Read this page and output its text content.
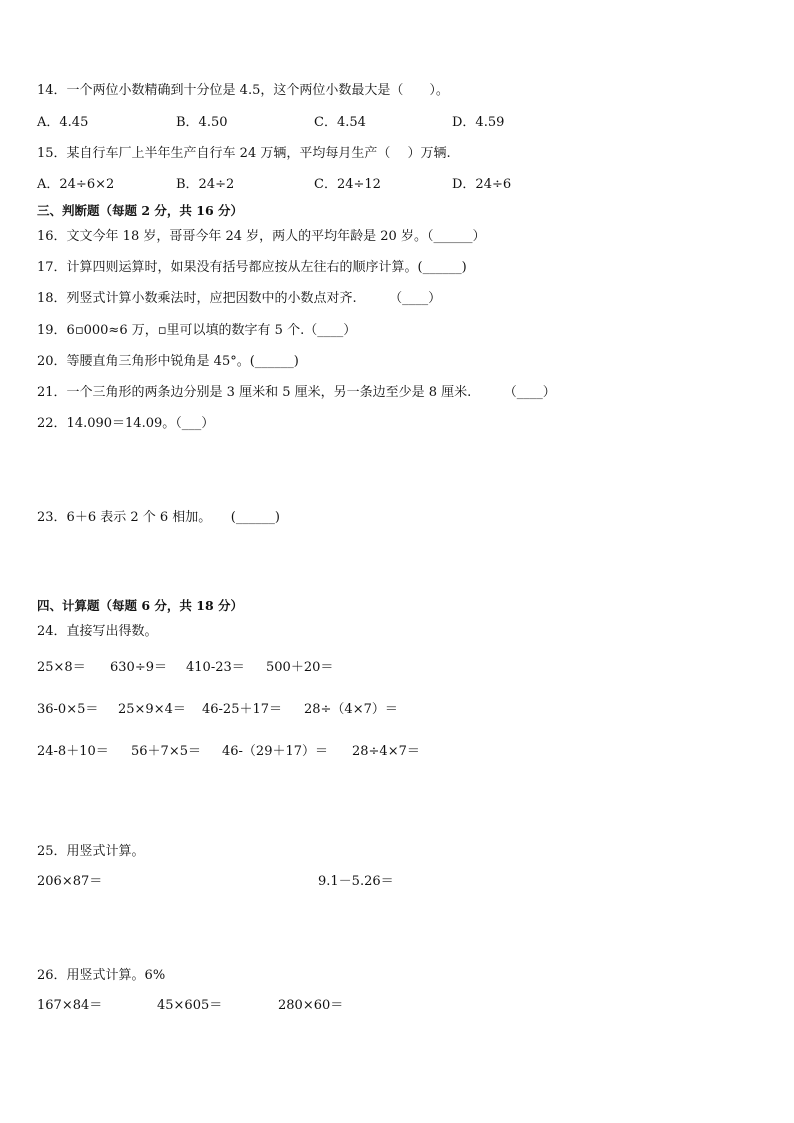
14．一个两位小数精确到十分位是 4.5，这个两位小数最大是（　　）。
A．4.45	B．4.50	C．4.54	D．4.59
15．某自行车厂上半年生产自行车 24 万辆，平均每月生产（　 ）万辆.
A．24÷6×2	B．24÷2	C．24÷12	D．24÷6
三、判断题（每题 2 分，共 16 分）
16．文文今年 18 岁，哥哥今年 24 岁，两人的平均年龄是 20 岁。（______）
17．计算四则运算时，如果没有括号都应按从左往右的顺序计算。(______)
18．列竖式计算小数乘法时，应把因数中的小数点对齐.　　　（____）
19．6▫000≈6 万，▫里可以填的数字有 5 个.（____）
20．等腰直角三角形中锐角是 45°。(______)
21．一个三角形的两条边分别是 3 厘米和 5 厘米，另一条边至少是 8 厘米.　　　（____）
22．14.090＝14.09。（___）
23．6＋6 表示 2 个 6 相加。　　(______)
四、计算题（每题 6 分，共 18 分）
24．直接写出得数。
25×8＝ 630÷9＝ 410-23＝ 500＋20＝
36-0×5＝ 25×9×4＝ 46-25＋17＝ 28÷（4×7）＝
24-8＋10＝ 56＋7×5＝ 46-（29＋17）＝ 28÷4×7＝
25．用竖式计算。
206×87＝	9.1－5.26＝
26．用竖式计算。6%
167×84＝	45×605＝	280×60＝
